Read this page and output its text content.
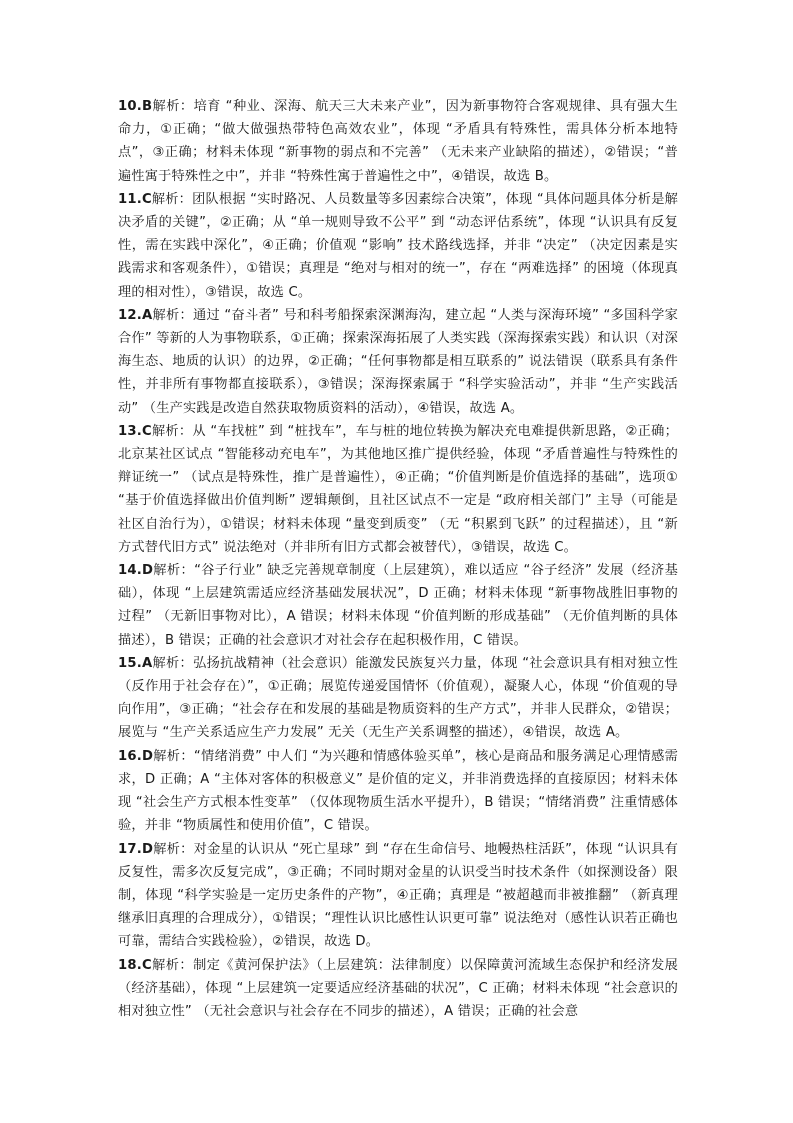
10.B解析：培育 “种业、深海、航天三大未来产业”，因为新事物符合客观规律、具有强大生命力，①正确；“做大做强热带特色高效农业”，体现 “矛盾具有特殊性，需具体分析本地特点”，③正确；材料未体现 “新事物的弱点和不完善” （无未来产业缺陷的描述），②错误；“普遍性寓于特殊性之中”，并非 “特殊性寓于普遍性之中”，④错误，故选 B。

11.C解析：团队根据 “实时路况、人员数量等多因素综合决策”，体现 “具体问题具体分析是解决矛盾的关键”，②正确；从 “单一规则导致不公平” 到 “动态评估系统”，体现 “认识具有反复性，需在实践中深化”，④正确；价值观 “影响” 技术路线选择，并非 “决定” （决定因素是实践需求和客观条件），①错误；真理是 “绝对与相对的统一”，存在 “两难选择” 的困境（体现真理的相对性），③错误，故选 C。

12.A解析：通过 “奋斗者” 号和科考船探索深渊海沟，建立起 “人类与深海环境” “多国科学家合作” 等新的人为事物联系，①正确；探索深海拓展了人类实践（深海探索实践）和认识（对深海生态、地质的认识）的边界，②正确；“任何事物都是相互联系的” 说法错误（联系具有条件性，并非所有事物都直接联系），③错误；深海探索属于 “科学实验活动”，并非 “生产实践活动” （生产实践是改造自然获取物质资料的活动），④错误，故选 A。

13.C解析：从 “车找桩” 到 “桩找车”，车与桩的地位转换为解决充电难提供新思路，②正确；北京某社区试点 “智能移动充电车”，为其他地区推广提供经验，体现 “矛盾普遍性与特殊性的辩证统一” （试点是特殊性，推广是普遍性），④正确；“价值判断是价值选择的基础”，选项① “基于价值选择做出价值判断” 逻辑颠倒，且社区试点不一定是 “政府相关部门” 主导（可能是社区自治行为），①错误；材料未体现 “量变到质变” （无 “积累到飞跃” 的过程描述），且 “新方式替代旧方式” 说法绝对（并非所有旧方式都会被替代），③错误，故选 C。

14.D解析：“谷子行业” 缺乏完善规章制度（上层建筑），难以适应 “谷子经济” 发展（经济基础），体现 “上层建筑需适应经济基础发展状况”，D 正确；材料未体现 “新事物战胜旧事物的过程” （无新旧事物对比），A 错误；材料未体现 “价值判断的形成基础” （无价值判断的具体描述），B 错误；正确的社会意识才对社会存在起积极作用，C 错误。

15.A解析：弘扬抗战精神（社会意识）能激发民族复兴力量，体现 “社会意识具有相对独立性（反作用于社会存在）”，①正确；展览传递爱国情怀（价值观），凝聚人心，体现 “价值观的导向作用”，③正确；“社会存在和发展的基础是物质资料的生产方式”，并非人民群众，②错误；展览与 “生产关系适应生产力发展” 无关（无生产关系调整的描述），④错误，故选 A。

16.D解析：“情绪消费” 中人们 “为兴趣和情感体验买单”，核心是商品和服务满足心理情感需求，D 正确；A “主体对客体的积极意义” 是价值的定义，并非消费选择的直接原因；材料未体现 “社会生产方式根本性变革” （仅体现物质生活水平提升），B 错误；“情绪消费” 注重情感体验，并非 “物质属性和使用价值”，C 错误。

17.D解析：对金星的认识从 “死亡星球” 到 “存在生命信号、地幔热柱活跃”，体现 “认识具有反复性，需多次反复完成”，③正确；不同时期对金星的认识受当时技术条件（如探测设备）限制，体现 “科学实验是一定历史条件的产物”，④正确；真理是 “被超越而非被推翻” （新真理继承旧真理的合理成分），①错误；“理性认识比感性认识更可靠” 说法绝对（感性认识若正确也可靠，需结合实践检验），②错误，故选 D。

18.C解析：制定《黄河保护法》（上层建筑：法律制度）以保障黄河流域生态保护和经济发展（经济基础），体现 “上层建筑一定要适应经济基础的状况”，C 正确；材料未体现 “社会意识的相对独立性” （无社会意识与社会存在不同步的描述），A 错误；正确的社会意
